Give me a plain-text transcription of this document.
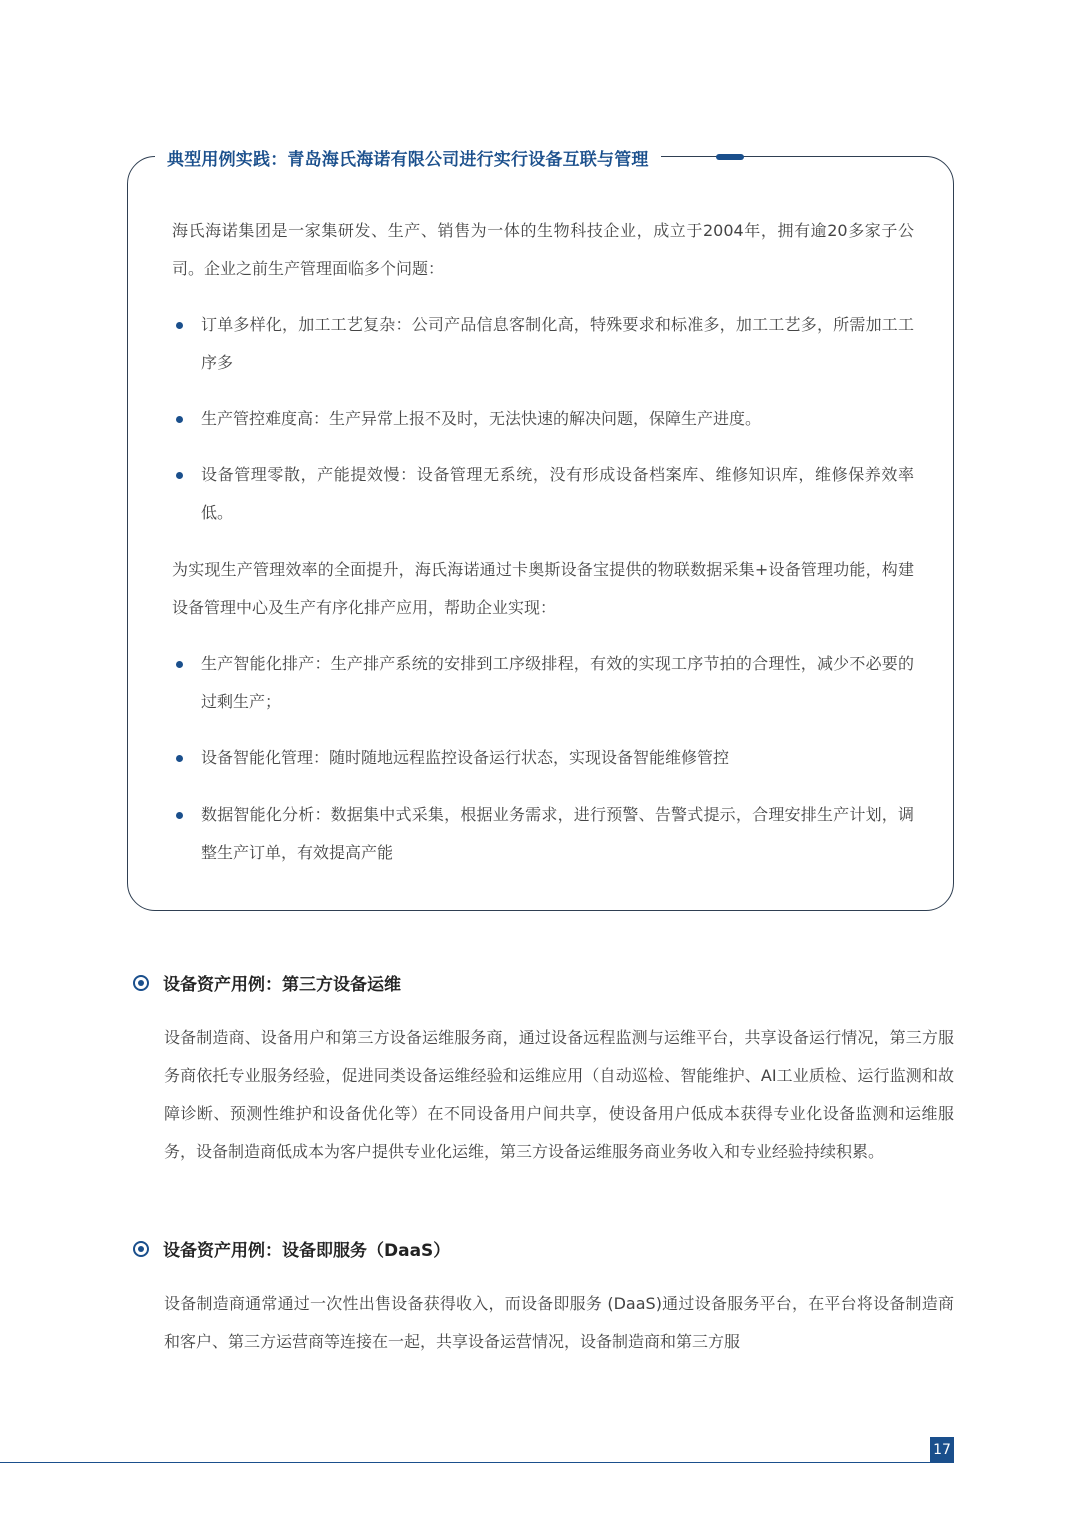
典型用例实践：青岛海氏海诺有限公司进行实行设备互联与管理

海氏海诺集团是一家集研发、生产、销售为一体的生物科技企业，成立于2004年，拥有逾20多家子公司。企业之前生产管理面临多个问题：

订单多样化，加工工艺复杂：公司产品信息客制化高，特殊要求和标准多，加工工艺多，所需加工工序多

生产管控难度高：生产异常上报不及时，无法快速的解决问题，保障生产进度。

设备管理零散，产能提效慢：设备管理无系统，没有形成设备档案库、维修知识库，维修保养效率低。

为实现生产管理效率的全面提升，海氏海诺通过卡奥斯设备宝提供的物联数据采集+设备管理功能，构建设备管理中心及生产有序化排产应用，帮助企业实现：

生产智能化排产：生产排产系统的安排到工序级排程，有效的实现工序节拍的合理性，减少不必要的过剩生产；

设备智能化管理：随时随地远程监控设备运行状态，实现设备智能维修管控

数据智能化分析：数据集中式采集，根据业务需求，进行预警、告警式提示，合理安排生产计划，调整生产订单，有效提高产能

设备资产用例：第三方设备运维

设备制造商、设备用户和第三方设备运维服务商，通过设备远程监测与运维平台，共享设备运行情况，第三方服务商依托专业服务经验，促进同类设备运维经验和运维应用（自动巡检、智能维护、AI工业质检、运行监测和故障诊断、预测性维护和设备优化等）在不同设备用户间共享，使设备用户低成本获得专业化设备监测和运维服务，设备制造商低成本为客户提供专业化运维，第三方设备运维服务商业务收入和专业经验持续积累。

设备资产用例：设备即服务（DaaS）

设备制造商通常通过一次性出售设备获得收入，而设备即服务 (DaaS)通过设备服务平台，在平台将设备制造商和客户、第三方运营商等连接在一起，共享设备运营情况，设备制造商和第三方服

17
